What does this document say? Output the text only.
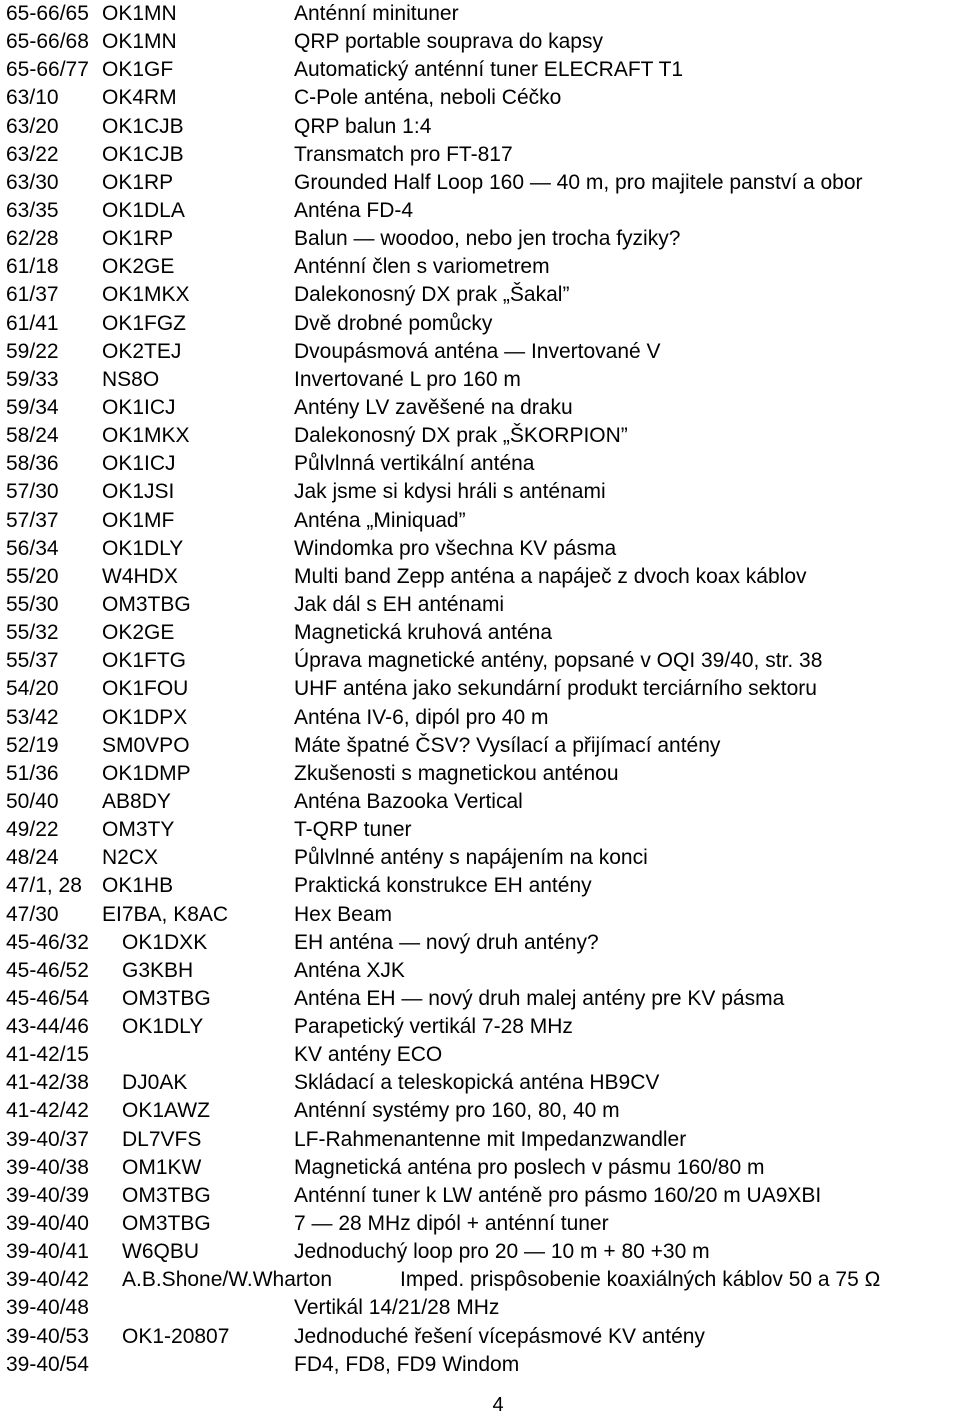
65-66/65 OK1MN	Anténní minituner
65-66/68 OK1MN	QRP portable souprava do kapsy
65-66/77 OK1GF	Automatický anténní tuner ELECRAFT T1
63/10 OK4RM	C-Pole anténa, neboli Céčko
63/20 OK1CJB	QRP balun 1:4
63/22 OK1CJB	Transmatch pro FT-817
63/30 OK1RP	Grounded Half Loop 160 — 40 m, pro majitele panství a obor
63/35 OK1DLA	Anténa FD-4
62/28 OK1RP	Balun — woodoo, nebo jen trocha fyziky?
61/18 OK2GE	Anténní člen s variometrem
61/37 OK1MKX	Dalekonosný DX prak „Šakal”
61/41 OK1FGZ	Dvě drobné pomůcky
59/22 OK2TEJ	Dvoupásmová anténa — Invertované V
59/33 NS8O	Invertované L pro 160 m
59/34 OK1ICJ	Antény LV zavěšené na draku
58/24 OK1MKX	Dalekonosný DX prak „ŠKORPION”
58/36 OK1ICJ	Půlvlnná vertikální anténa
57/30 OK1JSI	Jak jsme si kdysi hráli s anténami
57/37 OK1MF	Anténa „Miniquad”
56/34 OK1DLY	Windomka pro všechna KV pásma
55/20 W4HDX	Multi band Zepp anténa a napáječ z dvoch koax káblov
55/30 OM3TBG	Jak dál s EH anténami
55/32 OK2GE	Magnetická kruhová anténa
55/37 OK1FTG	Úprava magnetické antény, popsané v OQI 39/40, str. 38
54/20 OK1FOU	UHF anténa jako sekundární produkt terciárního sektoru
53/42 OK1DPX	Anténa IV-6, dipól pro 40 m
52/19 SM0VPO	Máte špatné ČSV? Vysílací a přijímací antény
51/36 OK1DMP	Zkušenosti s magnetickou anténou
50/40 AB8DY	Anténa Bazooka Vertical
49/22 OM3TY	T-QRP tuner
48/24 N2CX	Půlvlnné antény s napájením na konci
47/1, 28 OK1HB	Praktická konstrukce EH antény
47/30 EI7BA, K8AC	Hex Beam
45-46/32 OK1DXK	EH anténa — nový druh antény?
45-46/52 G3KBH	Anténa XJK
45-46/54 OM3TBG	Anténa EH — nový druh malej antény pre KV pásma
43-44/46 OK1DLY	Parapetický vertikál 7-28 MHz
41-42/15	KV antény ECO
41-42/38 DJ0AK	Skládací a teleskopická anténa HB9CV
41-42/42 OK1AWZ	Anténní systémy pro 160, 80, 40 m
39-40/37 DL7VFS	LF-Rahmenantenne mit Impedanzwandler
39-40/38 OM1KW	Magnetická anténa pro poslech v pásmu 160/80 m
39-40/39 OM3TBG	Anténní tuner k LW anténě pro pásmo 160/20 m UA9XBI
39-40/40 OM3TBG	7 — 28 MHz dipól + anténní tuner
39-40/41 W6QBU	Jednoduchý loop pro 20 — 10 m + 80 +30 m
39-40/42 A.B.Shone/W.Wharton	Imped. prispôsobenie koaxiálných káblov 50 a 75 Ω
39-40/48	Vertikál 14/21/28 MHz
39-40/53 OK1-20807	Jednoduché řešení vícepásmové KV antény
39-40/54	FD4, FD8, FD9 Windom
4
